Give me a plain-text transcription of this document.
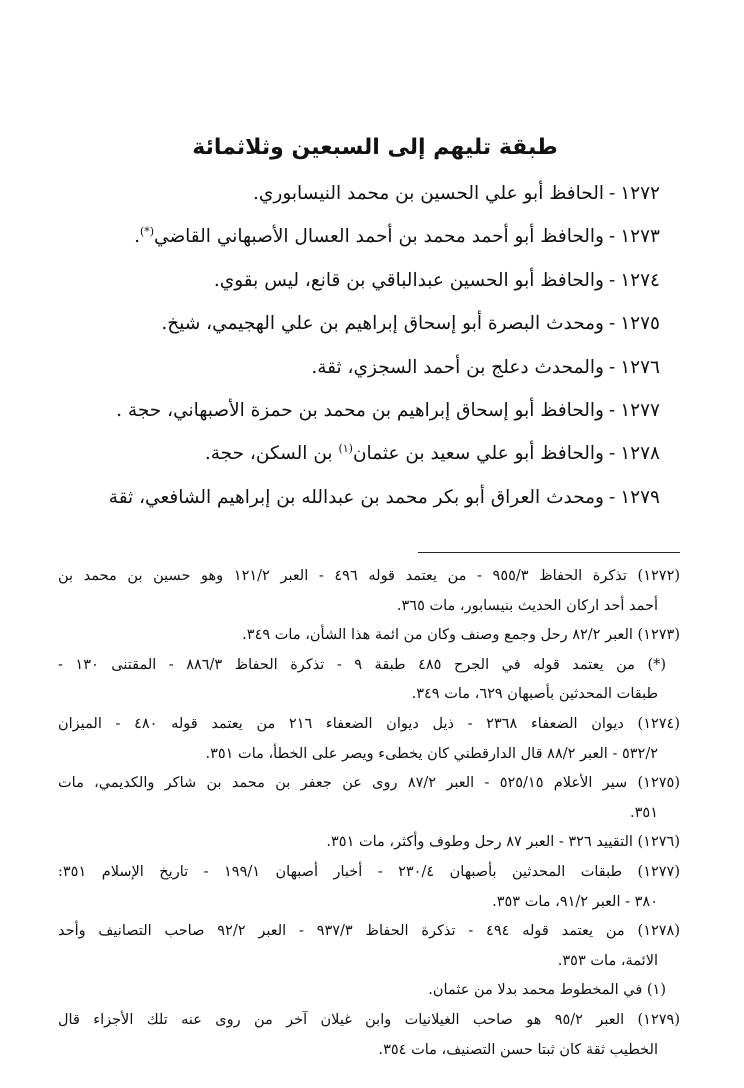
طبقة تليهم إلى السبعين وثلاثمائة
١٢٧٢-الحافظ أبو علي الحسين بن محمد النيسابوري.
١٢٧٣-والحافظ أبو أحمد محمد بن أحمد العسال الأصبهاني القاضي(*).
١٢٧٤-والحافظ أبو الحسين عبدالباقي بن قانع، ليس بقوي.
١٢٧٥-ومحدث البصرة أبو إسحاق إبراهيم بن علي الهجيمي، شيخ.
١٢٧٦-والمحدث دعلج بن أحمد السجزي، ثقة.
١٢٧٧-والحافظ أبو إسحاق إبراهيم بن محمد بن حمزة الأصبهاني، حجة .
١٢٧٨-والحافظ أبو علي سعيد بن عثمان$^{(١)}$ بن السكن، حجة.
١٢٧٩-ومحدث العراق أبو بكر محمد بن عبدالله بن إبراهيم الشافعي، ثقة
(١٢٧٢) تذكرة الحفاظ ٩٥٥/٣ - من يعتمد قوله ٤٩٦ - العبر ١٢١/٢ وهو حسين بن محمد بن
أحمد أحد اركان الحديث بنيسابور، مات ٣٦٥.
(١٢٧٣) العبر ٨٢/٢ رحل وجمع وصنف وكان من ائمة هذا الشأن، مات ٣٤٩.
(*) من يعتمد قوله في الجرح ٤٨٥ طبقة ٩ - تذكرة الحفاظ ٨٨٦/٣ - المقتنى ١٣٠ -
طبقات المحدثين بأصبهان ٦٢٩، مات ٣٤٩.
(١٢٧٤) ديوان الضعفاء ٢٣٦٨ - ذيل ديوان الضعفاء ٢١٦ من يعتمد قوله ٤٨٠ - الميزان
٥٣٢/٢ - العبر ٨٨/٢ قال الدارقطني كان يخطىء ويصر على الخطأ، مات ٣٥١.
(١٢٧٥) سير الأعلام ٥٢٥/١٥ - العبر ٨٧/٢ روى عن جعفر بن محمد بن شاكر والكديمي، مات
٣٥١.
(١٢٧٦) التقييد ٣٢٦ - العبر ٨٧ رحل وطوف وأكثر، مات ٣٥١.
(١٢٧٧) طبقات المحدثين بأصبهان ٢٣٠/٤ - أخبار أصبهان ١٩٩/١ - تاريخ الإسلام ٣٥١:
٣٨٠ - العبر ٩١/٢، مات ٣٥٣.
(١٢٧٨) من يعتمد قوله ٤٩٤ - تذكرة الحفاظ ٩٣٧/٣ - العبر ٩٢/٢ صاحب التصانيف وأحد
الائمة، مات ٣٥٣.
(١) في المخطوط محمد بدلا من عثمان.
(١٢٧٩) العبر ٩٥/٢ هو صاحب الغيلانيات وابن غيلان آخر من روى عنه تلك الأجزاء قال
الخطيب ثقة كان ثبتا حسن التصنيف، مات ٣٥٤.
